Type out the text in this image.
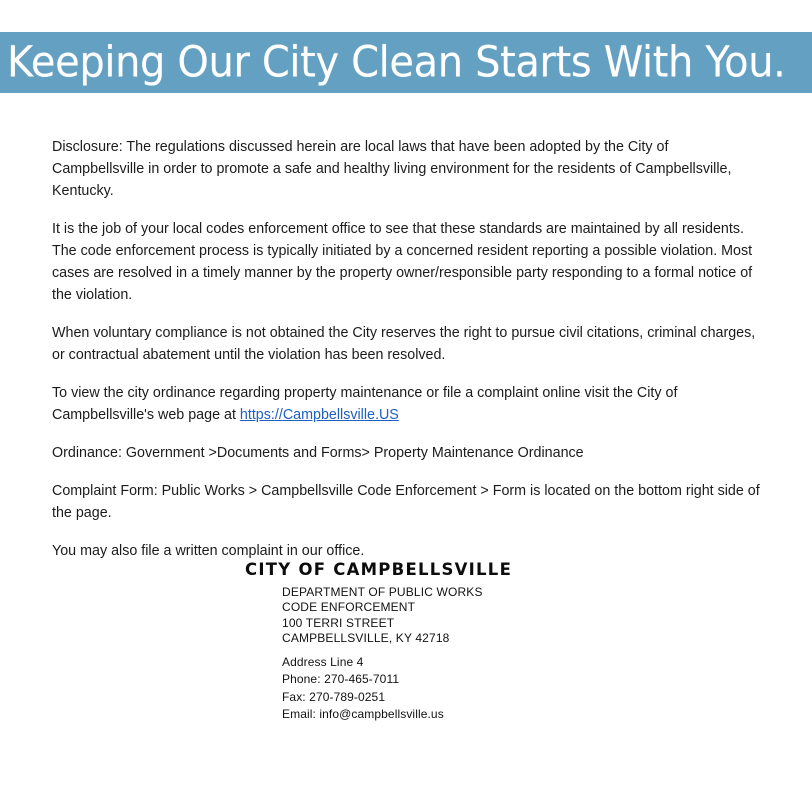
Keeping Our City Clean Starts With You.

Disclosure: The regulations discussed herein are local laws that have been adopted by the City of Campbellsville in order to promote a safe and healthy living environment for the residents of Campbellsville, Kentucky.

It is the job of your local codes enforcement office to see that these standards are maintained by all residents. The code enforcement process is typically initiated by a concerned resident reporting a possible violation. Most cases are resolved in a timely manner by the property owner/responsible party responding to a formal notice of the violation.

When voluntary compliance is not obtained the City reserves the right to pursue civil citations, criminal charges, or contractual abatement until the violation has been resolved.

To view the city ordinance regarding property maintenance or file a complaint online visit the City of Campbellsville's web page at https://Campbellsville.US

Ordinance: Government >Documents and Forms> Property Maintenance Ordinance

Complaint Form: Public Works > Campbellsville Code Enforcement > Form is located on the bottom right side of the page.

You may also file a written complaint in our office.

CITY OF CAMPBELLSVILLE
DEPARTMENT OF PUBLIC WORKS
CODE ENFORCEMENT
100 TERRI STREET
CAMPBELLSVILLE, KY 42718
Address Line 4
Phone: 270-465-7011
Fax: 270-789-0251
Email: info@campbellsville.us
